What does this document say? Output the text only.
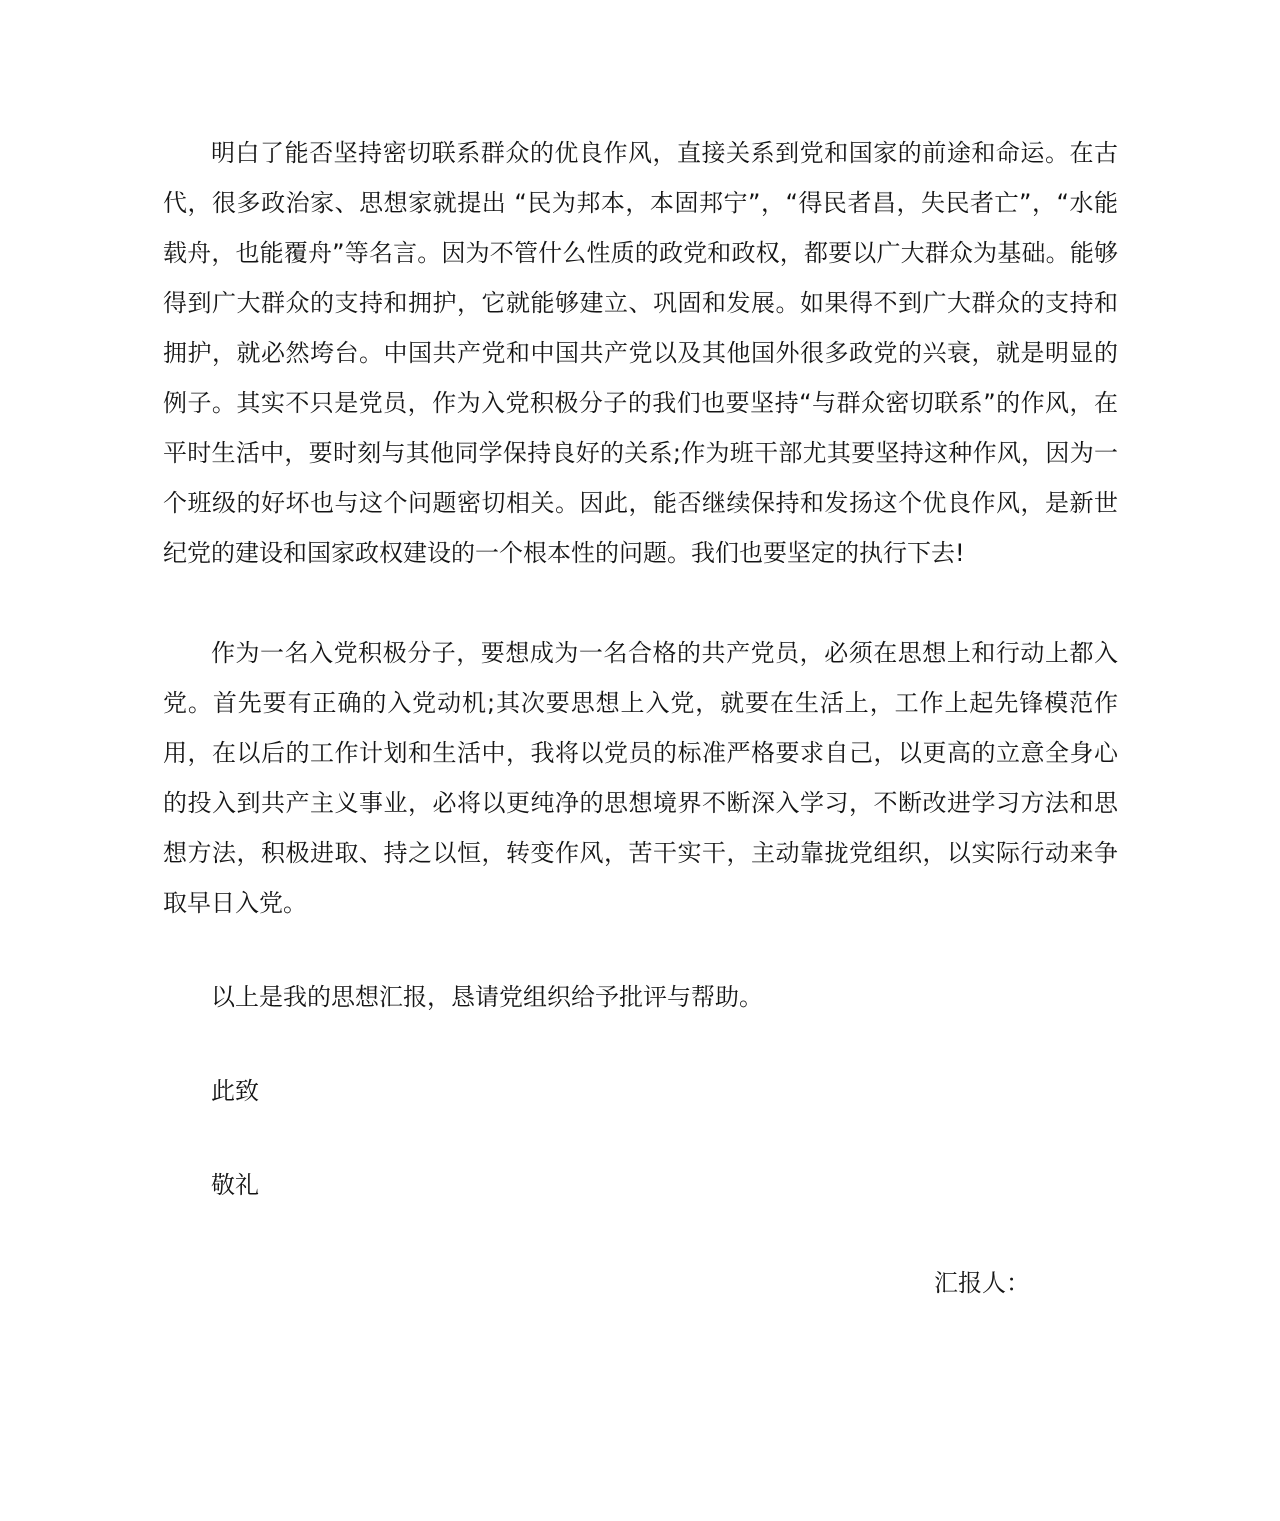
明白了能否坚持密切联系群众的优良作风，直接关系到党和国家的前途和命运。在古代，很多政治家、思想家就提出 “民为邦本，本固邦宁”，“得民者昌，失民者亡”，“水能载舟，也能覆舟”等名言。因为不管什么性质的政党和政权，都要以广大群众为基础。能够得到广大群众的支持和拥护，它就能够建立、巩固和发展。如果得不到广大群众的支持和拥护，就必然垮台。中国共产党和中国共产党以及其他国外很多政党的兴衰，就是明显的例子。其实不只是党员，作为入党积极分子的我们也要坚持“与群众密切联系”的作风，在平时生活中，要时刻与其他同学保持良好的关系;作为班干部尤其要坚持这种作风，因为一个班级的好坏也与这个问题密切相关。因此，能否继续保持和发扬这个优良作风，是新世纪党的建设和国家政权建设的一个根本性的问题。我们也要坚定的执行下去!

作为一名入党积极分子，要想成为一名合格的共产党员，必须在思想上和行动上都入党。首先要有正确的入党动机;其次要思想上入党，就要在生活上，工作上起先锋模范作用，在以后的工作计划和生活中，我将以党员的标准严格要求自己，以更高的立意全身心的投入到共产主义事业，必将以更纯净的思想境界不断深入学习，不断改进学习方法和思想方法，积极进取、持之以恒，转变作风，苦干实干，主动靠拢党组织，以实际行动来争取早日入党。

以上是我的思想汇报，恳请党组织给予批评与帮助。

此致

敬礼

汇报人：
